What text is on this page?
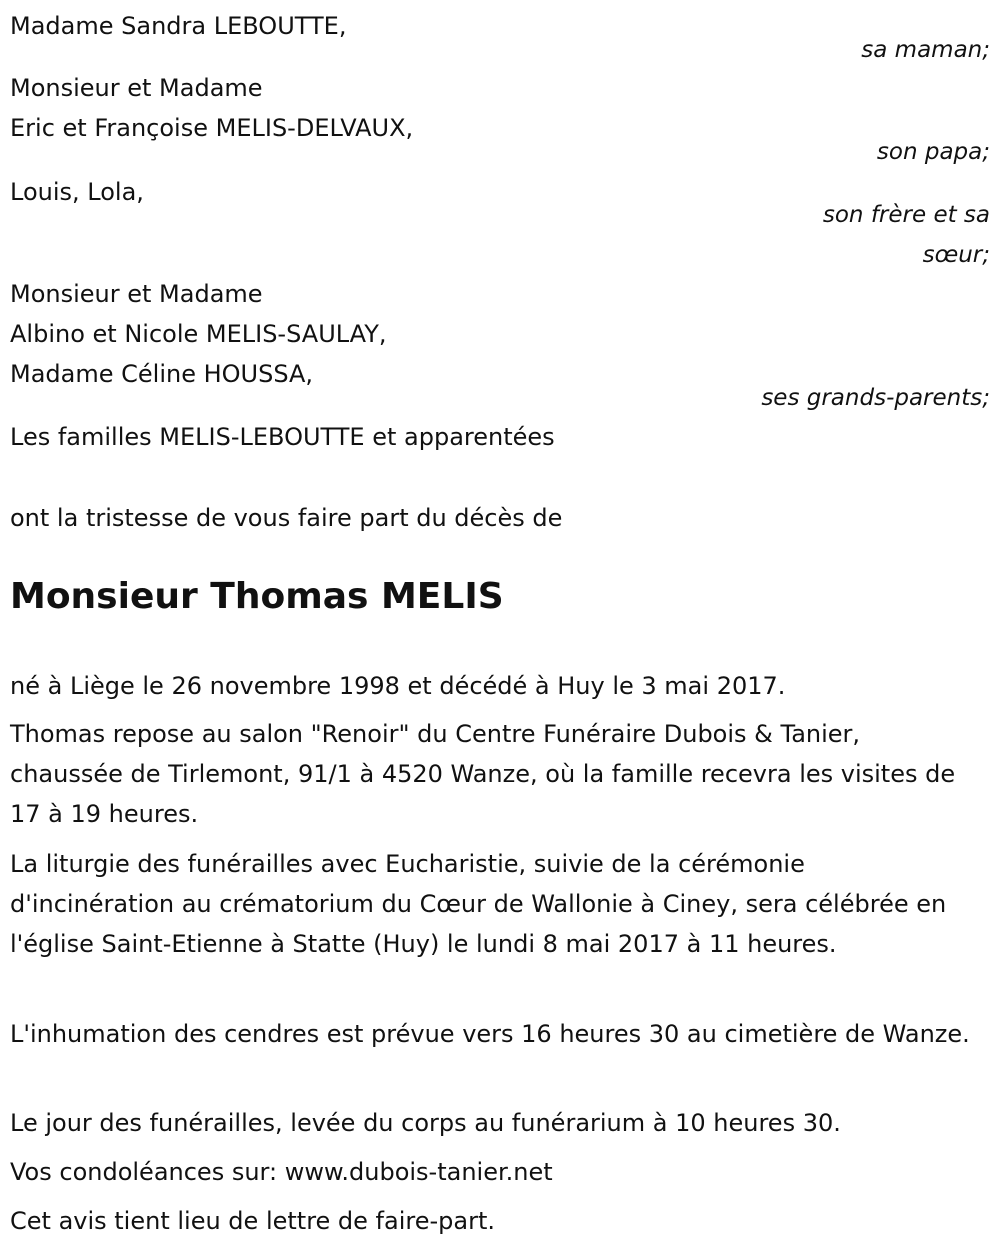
Madame Sandra LEBOUTTE,
sa maman;
Monsieur et Madame
Eric et Françoise MELIS-DELVAUX,
son papa;
Louis, Lola,
son frère et sa
sœur;
Monsieur et Madame
Albino et Nicole MELIS-SAULAY,
Madame Céline HOUSSA,
ses grands-parents;
Les familles MELIS-LEBOUTTE et apparentées
ont la tristesse de vous faire part du décès de
Monsieur Thomas MELIS
né à Liège le 26 novembre 1998 et décédé à Huy le 3 mai 2017.
Thomas repose au salon "Renoir" du Centre Funéraire Dubois & Tanier, chaussée de Tirlemont, 91/1 à 4520 Wanze, où la famille recevra les visites de 17 à 19 heures.
La liturgie des funérailles avec Eucharistie, suivie de la cérémonie d'incinération au crématorium du Cœur de Wallonie à Ciney, sera célébrée en l'église Saint-Etienne à Statte (Huy) le lundi 8 mai 2017 à 11 heures.
L'inhumation des cendres est prévue vers 16 heures 30 au cimetière de Wanze.
Le jour des funérailles, levée du corps au funérarium à 10 heures 30.
Vos condoléances sur: www.dubois-tanier.net
Cet avis tient lieu de lettre de faire-part.
